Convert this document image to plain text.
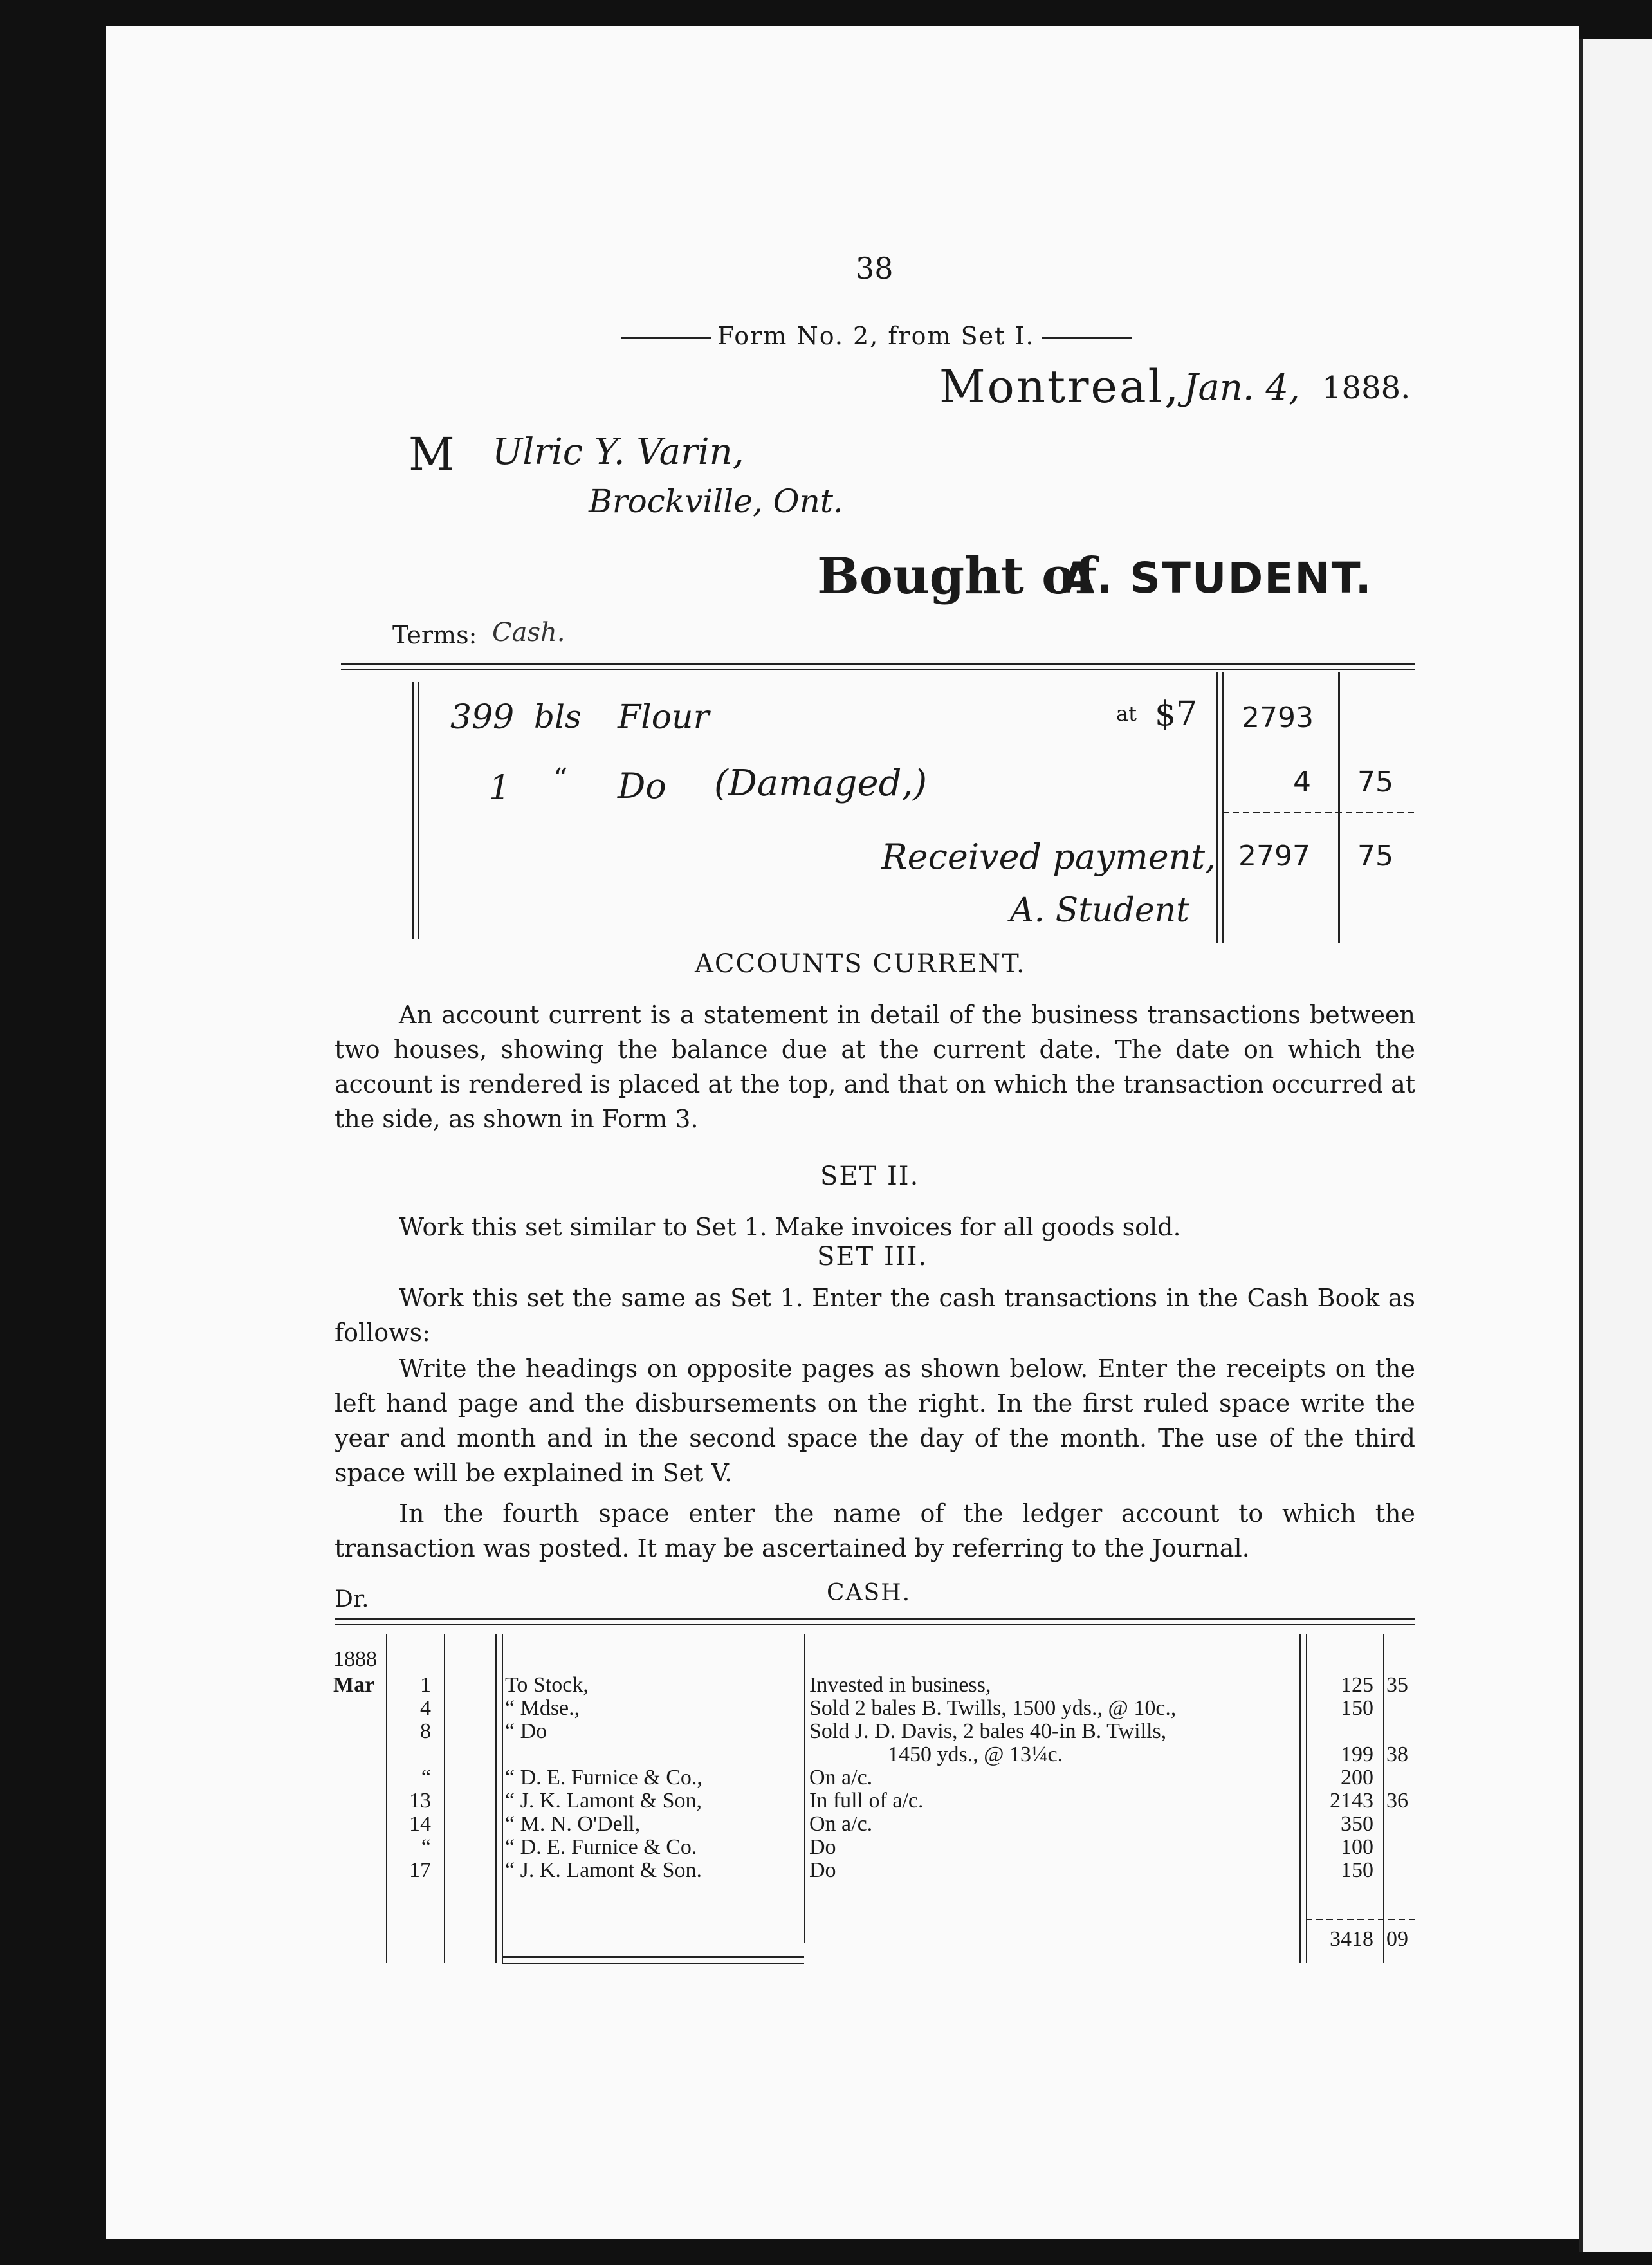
38
Form No. 2, from Set I.
Montreal, Jan. 4, 1888.
M Ulric Y. Varin,
Brockville, Ont.
Bought of
A. STUDENT.
Terms: Cash.
399 bls Flour	at $7 2793
1 “ Do (Damaged,)	4 75
Received payment, 2797 75
A. Student
ACCOUNTS CURRENT.
An account current is a statement in detail of the business transactions between two houses, showing the balance due at the current date. The date on which the account is rendered is placed at the top, and that on which the transaction occurred at the side, as shown in Form 3.
SET II.
Work this set similar to Set 1. Make invoices for all goods sold.
SET III.
Work this set the same as Set 1. Enter the cash transactions in the Cash Book as follows:
Write the headings on opposite pages as shown below. Enter the receipts on the left hand page and the disbursements on the right. In the first ruled space write the year and month and in the second space the day of the month. The use of the third space will be explained in Set V.
In the fourth space enter the name of the ledger account to which the transaction was posted. It may be ascertained by referring to the Journal.
Dr.	CASH.
1888
Mar	1	To Stock,	Invested in business,	125 35
4	“ Mdse.,	Sold 2 bales B. Twills, 1500 yds., @ 10c.,	150
8	“ Do	Sold J. D. Davis, 2 bales 40-in B. Twills,
1450 yds., @ 13¼c.	199 38
“	“ D. E. Furnice & Co.,	On a/c.	200
13	“ J. K. Lamont & Son,	In full of a/c.	2143 36
14	“ M. N. O'Dell,	On a/c.	350
“	“ D. E. Furnice & Co.	Do	100
17	“ J. K. Lamont & Son.	Do	150
3418 09
